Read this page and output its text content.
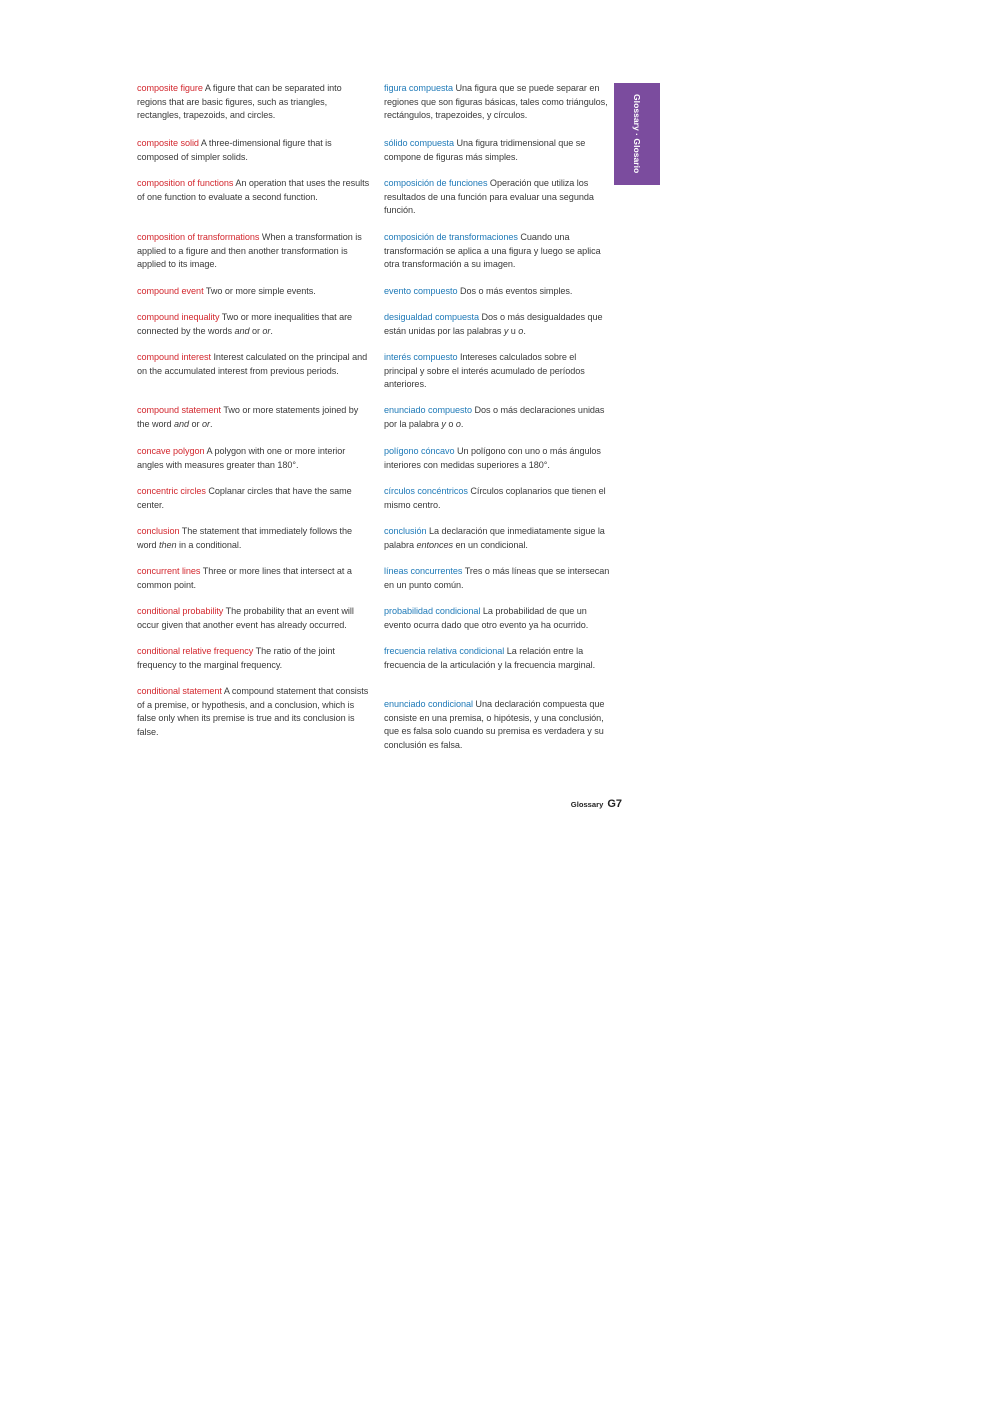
Glossary · Glosario
composite figure A figure that can be separated into regions that are basic figures, such as triangles, rectangles, trapezoids, and circles.
figura compuesta Una figura que se puede separar en regiones que son figuras básicas, tales como triángulos, rectángulos, trapezoides, y círculos.
composite solid A three-dimensional figure that is composed of simpler solids.
sólido compuesta Una figura tridimensional que se compone de figuras más simples.
composition of functions An operation that uses the results of one function to evaluate a second function.
composición de funciones Operación que utiliza los resultados de una función para evaluar una segunda función.
composition of transformations When a transformation is applied to a figure and then another transformation is applied to its image.
composición de transformaciones Cuando una transformación se aplica a una figura y luego se aplica otra transformación a su imagen.
compound event Two or more simple events.	evento compuesto Dos o más eventos simples.
compound inequality Two or more inequalities that are connected by the words and or or.
desigualdad compuesta Dos o más desigualdades que están unidas por las palabras y u o.
compound interest Interest calculated on the principal and on the accumulated interest from previous periods.
interés compuesto Intereses calculados sobre el principal y sobre el interés acumulado de períodos anteriores.
compound statement Two or more statements joined by the word and or or.
enunciado compuesto Dos o más declaraciones unidas por la palabra y o o.
concave polygon A polygon with one or more interior angles with measures greater than 180°.
polígono cóncavo Un polígono con uno o más ángulos interiores con medidas superiores a 180°.
concentric circles Coplanar circles that have the same center.
círculos concéntricos Círculos coplanarios que tienen el mismo centro.
conclusion The statement that immediately follows the word then in a conditional.
conclusión La declaración que inmediatamente sigue la palabra entonces en un condicional.
concurrent lines Three or more lines that intersect at a common point.
líneas concurrentes Tres o más líneas que se intersecan en un punto común.
conditional probability The probability that an event will occur given that another event has already occurred.
probabilidad condicional La probabilidad de que un evento ocurra dado que otro evento ya ha ocurrido.
conditional relative frequency The ratio of the joint frequency to the marginal frequency.
frecuencia relativa condicional La relación entre la frecuencia de la articulación y la frecuencia marginal.
conditional statement A compound statement that consists of a premise, or hypothesis, and a conclusion, which is false only when its premise is true and its conclusion is false.
enunciado condicional Una declaración compuesta que consiste en una premisa, o hipótesis, y una conclusión, que es falsa solo cuando su premisa es verdadera y su conclusión es falsa.
Glossary G7
